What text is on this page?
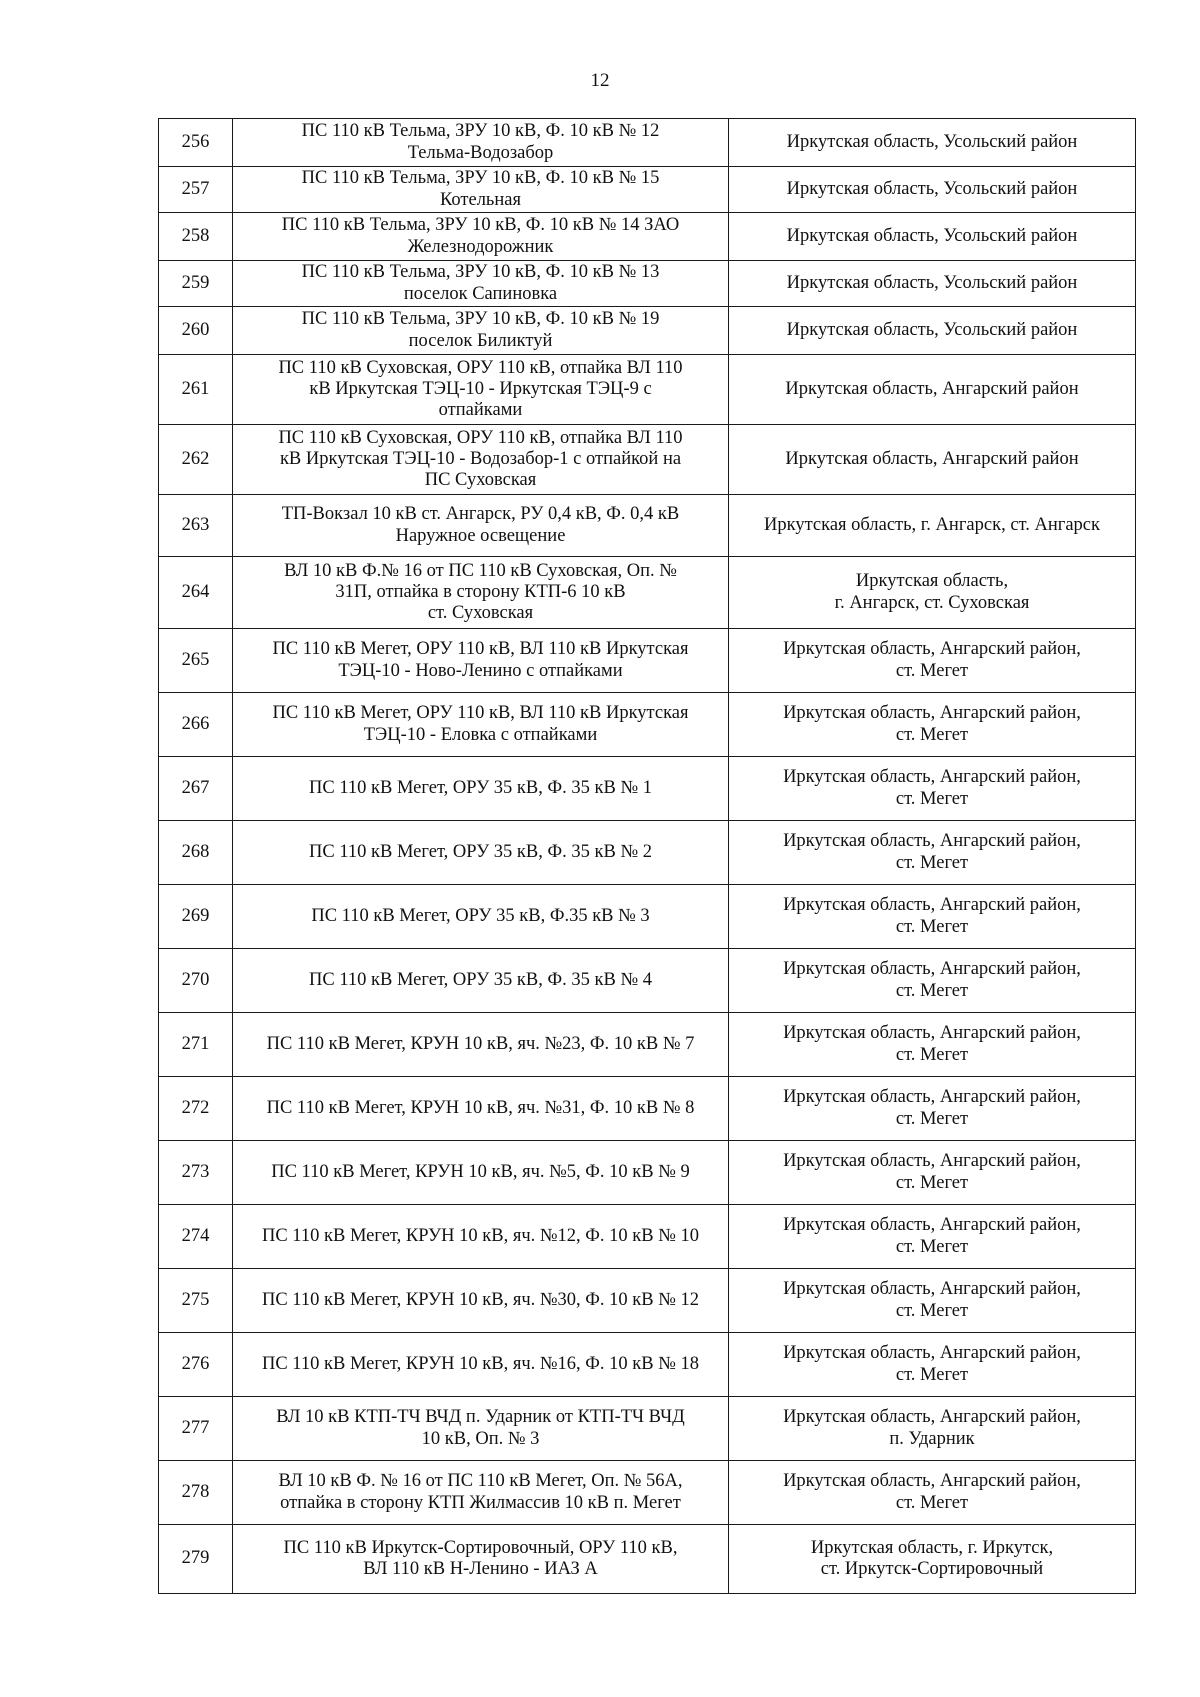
12
256	ПС 110 кВ Тельма, ЗРУ 10 кВ, Ф. 10 кВ № 12
Тельма-Водозабор	Иркутская область, Усольский район

257	ПС 110 кВ Тельма, ЗРУ 10 кВ, Ф. 10 кВ № 15
Котельная	Иркутская область, Усольский район

258	ПС 110 кВ Тельма, ЗРУ 10 кВ, Ф. 10 кВ № 14 ЗАО
Железнодорожник	Иркутская область, Усольский район

259	ПС 110 кВ Тельма, ЗРУ 10 кВ, Ф. 10 кВ № 13
поселок Сапиновка	Иркутская область, Усольский район

260	ПС 110 кВ Тельма, ЗРУ 10 кВ, Ф. 10 кВ № 19
поселок Биликтуй	Иркутская область, Усольский район

261	ПС 110 кВ Суховская, ОРУ 110 кВ, отпайка ВЛ 110
кВ Иркутская ТЭЦ-10 - Иркутская ТЭЦ-9 с
отпайками	Иркутская область, Ангарский район

262	ПС 110 кВ Суховская, ОРУ 110 кВ, отпайка ВЛ 110
кВ Иркутская ТЭЦ-10 - Водозабор-1 с отпайкой на
ПС Суховская	Иркутская область, Ангарский район

263	ТП-Вокзал 10 кВ ст. Ангарск, РУ 0,4 кВ, Ф. 0,4 кВ
Наружное освещение	Иркутская область, г. Ангарск, ст. Ангарск

264	ВЛ 10 кВ Ф.№ 16 от ПС 110 кВ Суховская, Оп. №
31П, отпайка в сторону КТП-6 10 кВ
ст. Суховская	Иркутская область,
г. Ангарск, ст. Суховская

265	ПС 110 кВ Мегет, ОРУ 110 кВ, ВЛ 110 кВ Иркутская
ТЭЦ-10 - Ново-Ленино с отпайками	Иркутская область, Ангарский район,
ст. Мегет

266	ПС 110 кВ Мегет, ОРУ 110 кВ, ВЛ 110 кВ Иркутская
ТЭЦ-10 - Еловка с отпайками	Иркутская область, Ангарский район,
ст. Мегет

267	ПС 110 кВ Мегет, ОРУ 35 кВ, Ф. 35 кВ № 1	Иркутская область, Ангарский район,
ст. Мегет

268	ПС 110 кВ Мегет, ОРУ 35 кВ, Ф. 35 кВ № 2	Иркутская область, Ангарский район,
ст. Мегет

269	ПС 110 кВ Мегет, ОРУ 35 кВ, Ф.35 кВ № 3	Иркутская область, Ангарский район,
ст. Мегет

270	ПС 110 кВ Мегет, ОРУ 35 кВ, Ф. 35 кВ № 4	Иркутская область, Ангарский район,
ст. Мегет

271	ПС 110 кВ Мегет, КРУН 10 кВ, яч. №23, Ф. 10 кВ № 7	Иркутская область, Ангарский район,
ст. Мегет

272	ПС 110 кВ Мегет, КРУН 10 кВ, яч. №31, Ф. 10 кВ № 8	Иркутская область, Ангарский район,
ст. Мегет

273	ПС 110 кВ Мегет, КРУН 10 кВ, яч. №5, Ф. 10 кВ № 9	Иркутская область, Ангарский район,
ст. Мегет

274	ПС 110 кВ Мегет, КРУН 10 кВ, яч. №12, Ф. 10 кВ № 10	Иркутская область, Ангарский район,
ст. Мегет

275	ПС 110 кВ Мегет, КРУН 10 кВ, яч. №30, Ф. 10 кВ № 12	Иркутская область, Ангарский район,
ст. Мегет

276	ПС 110 кВ Мегет, КРУН 10 кВ, яч. №16, Ф. 10 кВ № 18	Иркутская область, Ангарский район,
ст. Мегет

277	ВЛ 10 кВ КТП-ТЧ ВЧД п. Ударник от КТП-ТЧ ВЧД
10 кВ, Оп. № 3	Иркутская область, Ангарский район,
п. Ударник

278	ВЛ 10 кВ Ф. № 16 от ПС 110 кВ Мегет, Оп. № 56А,
отпайка в сторону КТП Жилмассив 10 кВ п. Мегет	Иркутская область, Ангарский район,
ст. Мегет

279	ПС 110 кВ Иркутск-Сортировочный, ОРУ 110 кВ,
ВЛ 110 кВ Н-Ленино - ИАЗ А	Иркутская область, г. Иркутск,
ст. Иркутск-Сортировочный
